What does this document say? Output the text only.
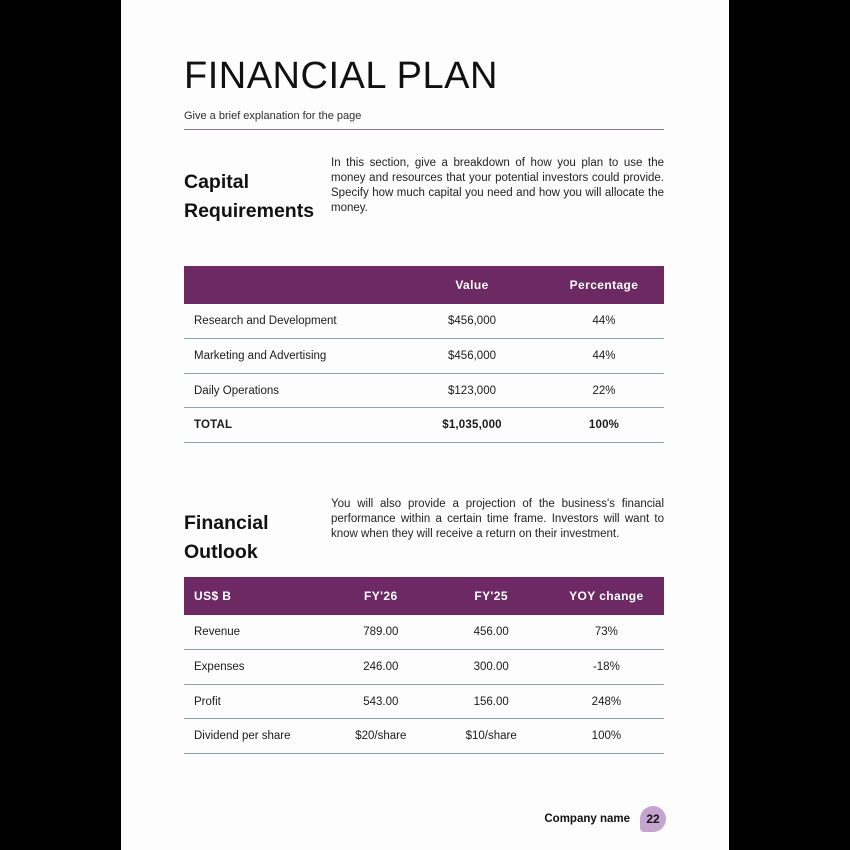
FINANCIAL PLAN
Give a brief explanation for the page
Capital Requirements
In this section, give a breakdown of how you plan to use the money and resources that your potential investors could provide. Specify how much capital you need and how you will allocate the money.
	Value	Percentage
Research and Development	$456,000	44%
Marketing and Advertising	$456,000	44%
Daily Operations	$123,000	22%
TOTAL	$1,035,000	100%
Financial Outlook
You will also provide a projection of the business's financial performance within a certain time frame. Investors will want to know when they will receive a return on their investment.
US$ B	FY'26	FY'25	YOY change
Revenue	789.00	456.00	73%
Expenses	246.00	300.00	-18%
Profit	543.00	156.00	248%
Dividend per share	$20/share	$10/share	100%
Company name	22
